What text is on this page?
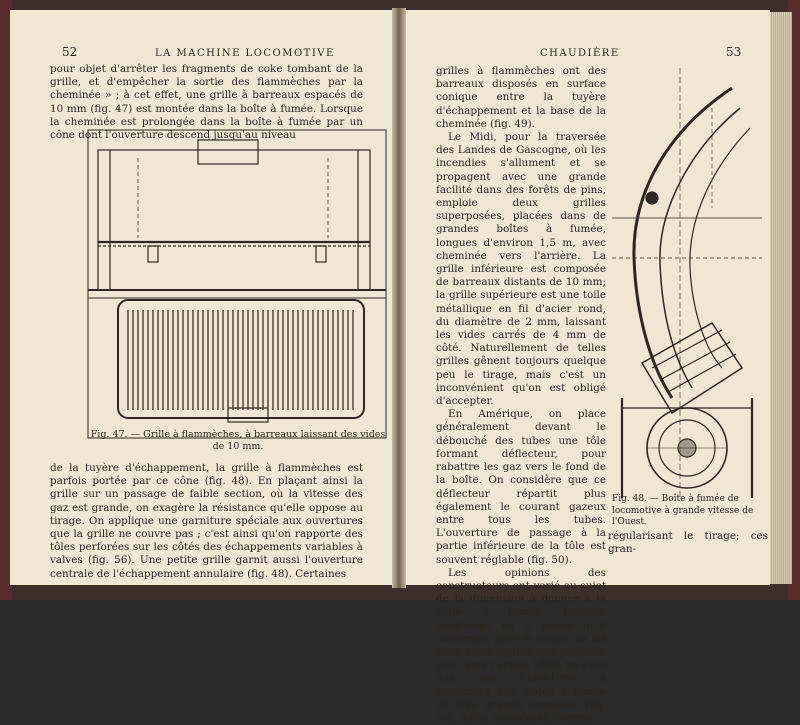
52	LA MACHINE LOCOMOTIVE

pour objet d'arrêter les fragments de coke tombant de la grille, et d'empêcher la sortie des flammèches par la cheminée » ; à cet effet, une grille à barreaux espacés de 10 mm (fig. 47) est montée dans la boîte à fumée. Lorsque la cheminée est prolongée dans la boîte à fumée par un cône dont l'ouverture descend jusqu'au niveau

Fig. 47. — Grille à flammèches, à barreaux laissant des vides de 10 mm.

de la tuyère d'échappement, la grille à flammèches est parfois portée par ce cône (fig. 48). En plaçant ainsi la grille sur un passage de faible section, où la vitesse des gaz est grande, on exagère la résistance qu'elle oppose au tirage. On applique une garniture spéciale aux ouvertures que la grille ne couvre pas ; c'est ainsi qu'on rapporte des tôles perforées sur les côtés des échappements variables à valves (fig. 56). Une petite grille garnit aussi l'ouverture centrale de l'échappement annulaire (fig. 48). Certaines

CHAUDIÈRE	53

grilles à flammèches ont des barreaux disposés en surface conique entre la tuyère d'échappement et la base de la cheminée (fig. 49).

Le Midi, pour la traversée des Landes de Gascogne, où les incendies s'allument et se propagent avec une grande facilité dans des forêts de pins, emploie deux grilles superposées, placées dans de grandes boîtes à fumée, longues d'environ 1,5 m, avec cheminée vers l'arrière. La grille inférieure est composée de barreaux distants de 10 mm; la grille supérieure est une toile métallique en fil d'acier rond, du diamètre de 2 mm, laissant les vides carrés de 4 mm de côté. Naturellement de telles grilles gênent toujours quelque peu le tirage, mais c'est un inconvénient qu'on est obligé d'accepter.

En Amérique, on place généralement devant le débouché des tubes une tôle formant déflecteur, pour rabattre les gaz vers le fond de la boîte. On considère que ce déflecteur répartit plus également le courant gazeux entre tous les tubes. L'ouverture de passage à la partie inférieure de la tôle est souvent réglable (fig. 50).

Les opinions des constructeurs ont varié au sujet de la dimension à donner à la boîte à fumée. Pendant longtemps on a pensé qu'il convenait, pour le tirage, de les faire aussi petites que possible; puis, vers l'année 1880, on s'est mis, aux États-Unis, à construire des boîtes à fumée de très grande longueur (fig. 50), qu'on considérait comme

Fig. 48. — Boîte à fumée de locomotive à grande vitesse de l'Ouest.
régularisant le tirage; ces gran-
